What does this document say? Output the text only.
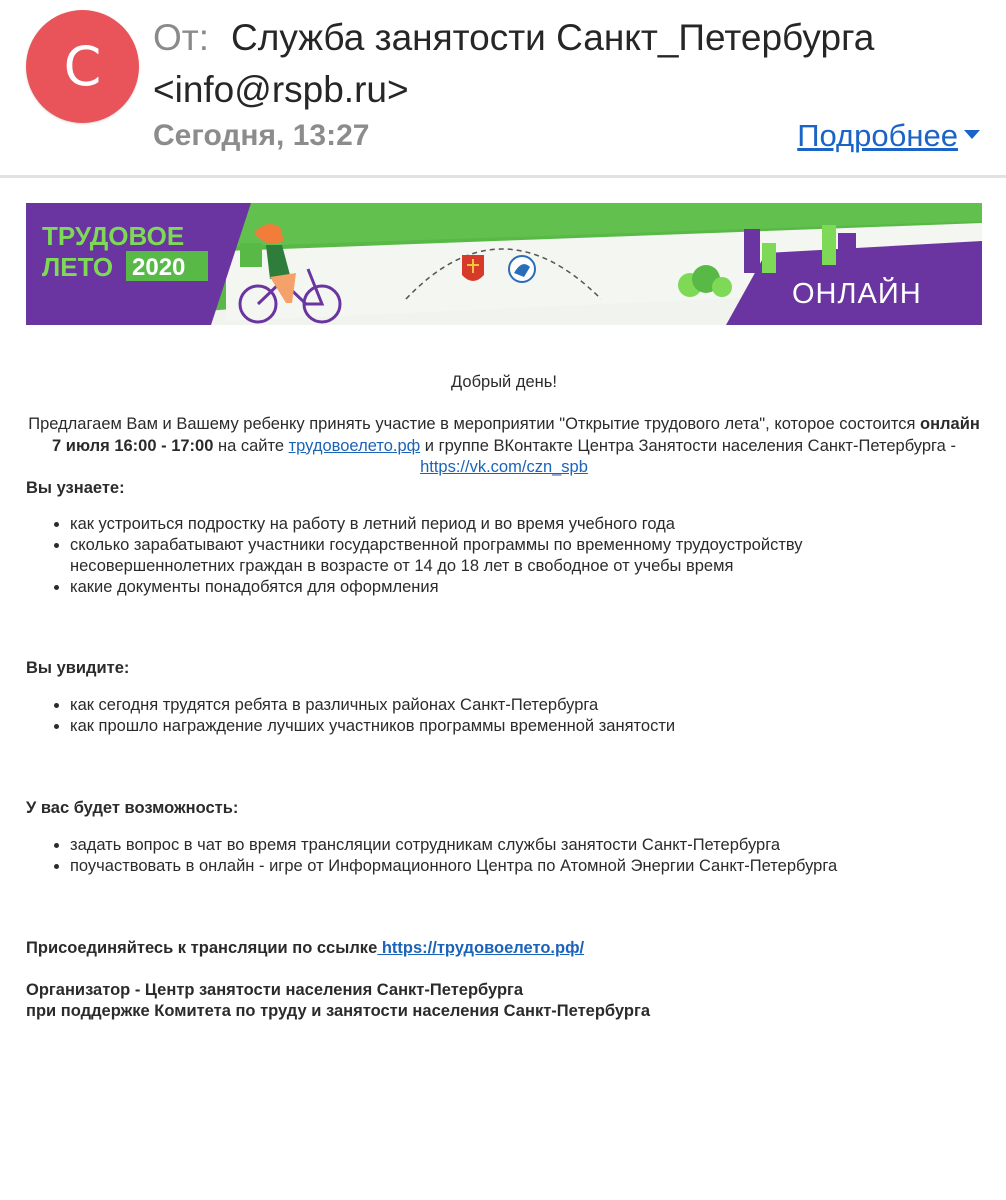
C От: Служба занятости Санкт_Петербурга
<info@rspb.ru>
Сегодня, 13:27	Подробнее
ТРУДОВОЕ
ЛЕТО 2020
ОНЛАЙН
Добрый день!
Предлагаем Вам и Вашему ребенку принять участие в мероприятии "Открытие трудового лета", которое состоится онлайн 7 июля 16:00 - 17:00 на сайте трудовоелето.рф и группе ВКонтакте Центра Занятости населения Санкт-Петербурга - https://vk.com/czn_spb
Вы узнаете:
• как устроиться подростку на работу в летний период и во время учебного года
• сколько зарабатывают участники государственной программы по временному трудоустройству несовершеннолетних граждан в возрасте от 14 до 18 лет в свободное от учебы время
• какие документы понадобятся для оформления
Вы увидите:
• как сегодня трудятся ребята в различных районах Санкт-Петербурга
• как прошло награждение лучших участников программы временной занятости
У вас будет возможность:
• задать вопрос в чат во время трансляции сотрудникам службы занятости Санкт-Петербурга
• поучаствовать в онлайн - игре от Информационного Центра по Атомной Энергии Санкт-Петербурга
Присоединяйтесь к трансляции по ссылке https://трудовоелето.рф/
Организатор - Центр занятости населения Санкт-Петербурга
при поддержке Комитета по труду и занятости населения Санкт-Петербурга
